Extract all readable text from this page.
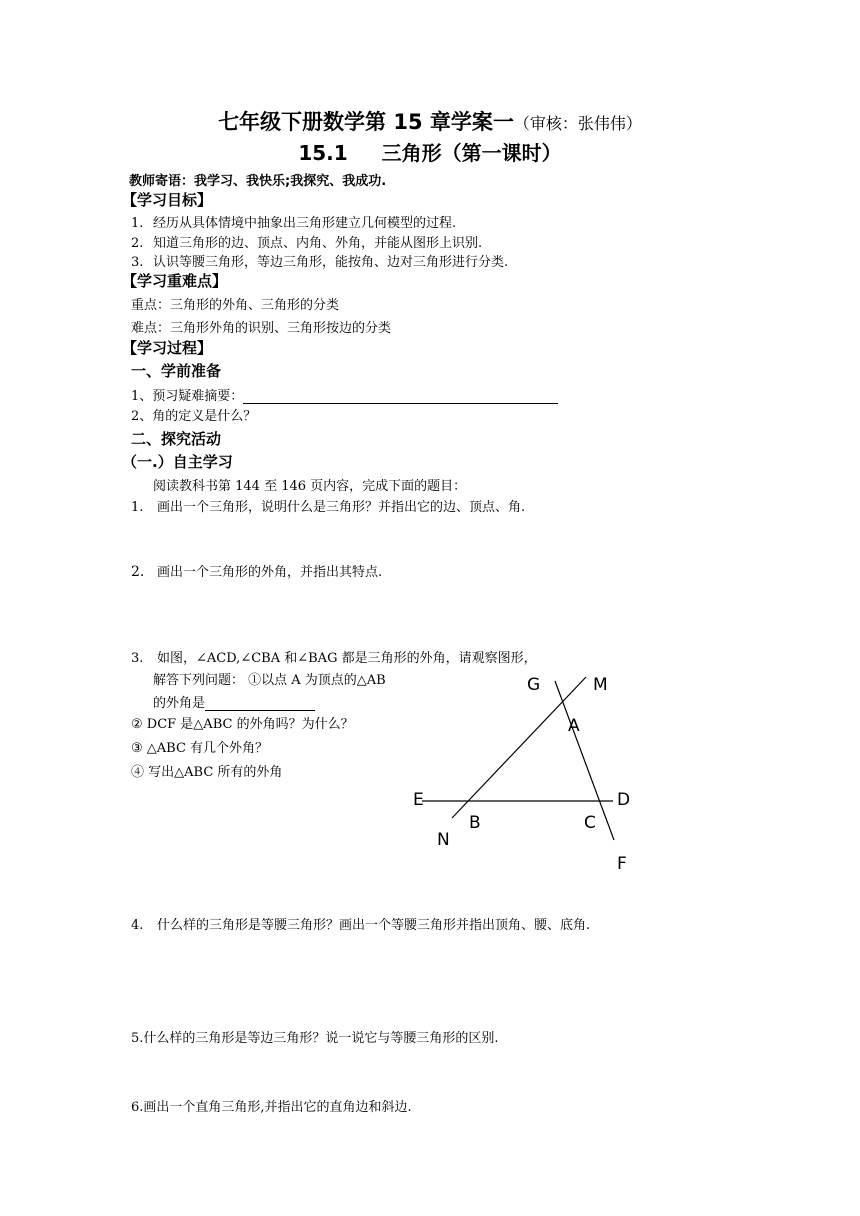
七年级下册数学第 15 章学案一（审核：张伟伟）
15.1 三角形（第一课时）
教师寄语：我学习、我快乐;我探究、我成功.
【学习目标】
1. 经历从具体情境中抽象出三角形建立几何模型的过程.
2. 知道三角形的边、顶点、内角、外角，并能从图形上识别.
3. 认识等腰三角形，等边三角形，能按角、边对三角形进行分类.
【学习重难点】
重点：三角形的外角、三角形的分类
难点：三角形外角的识别、三角形按边的分类
【学习过程】
一、学前准备
1、预习疑难摘要：
2、角的定义是什么？
二、探究活动
（一.）自主学习
阅读教科书第 144 至 146 页内容，完成下面的题目：
1. 画出一个三角形，说明什么是三角形？并指出它的边、顶点、角.
2. 画出一个三角形的外角，并指出其特点.
3. 如图，∠ACD,∠CBA 和∠BAG 都是三角形的外角，请观察图形，
解答下列问题： ①以点 A 为顶点的△AB
的外角是
② DCF 是△ABC 的外角吗？为什么？
③ △ABC 有几个外角？
④ 写出△ABC 所有的外角
G	M
A
E	D
B	C
N
F
4. 什么样的三角形是等腰三角形？画出一个等腰三角形并指出顶角、腰、底角.
5.什么样的三角形是等边三角形？说一说它与等腰三角形的区别.
6.画出一个直角三角形,并指出它的直角边和斜边.
